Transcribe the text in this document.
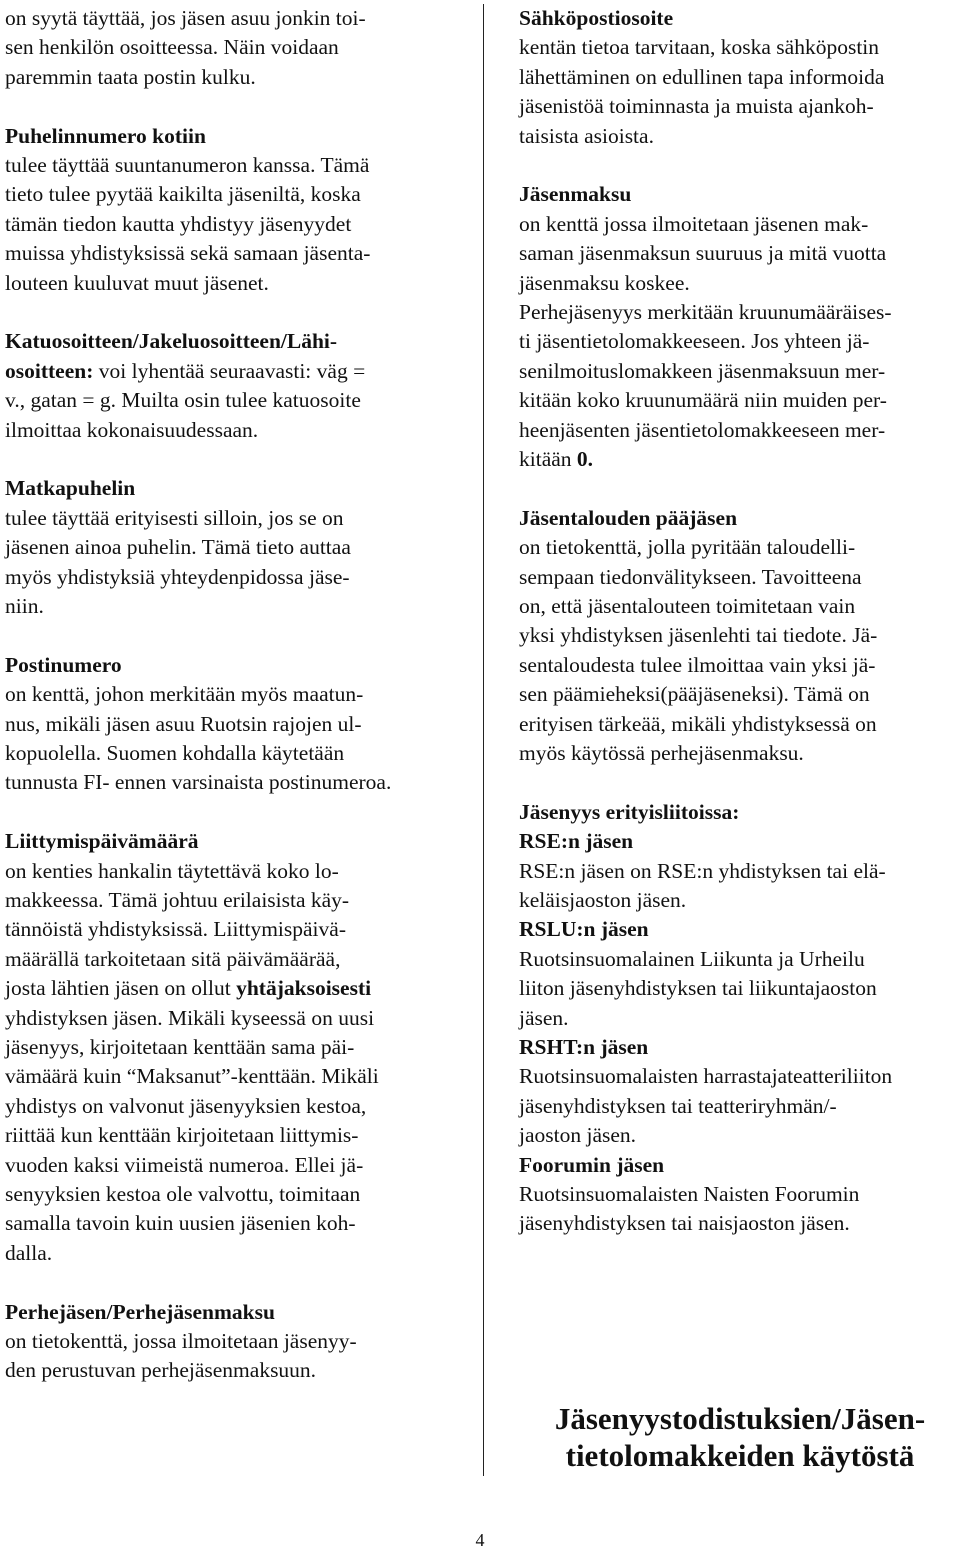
on syytä täyttää, jos jäsen asuu jonkin toi-
sen henkilön osoitteessa. Näin voidaan
paremmin taata postin kulku.
Puhelinnumero kotiin
tulee täyttää suuntanumeron kanssa. Tämä
tieto tulee pyytää kaikilta jäseniltä, koska
tämän tiedon kautta yhdistyy jäsenyydet
muissa yhdistyksissä sekä samaan jäsenta-
louteen kuuluvat muut jäsenet.
Katuosoitteen/Jakeluosoitteen/Lähi-
osoitteen: voi lyhentää seuraavasti: väg =
v., gatan = g. Muilta osin tulee katuosoite
ilmoittaa kokonaisuudessaan.
Matkapuhelin
tulee täyttää erityisesti silloin, jos se on
jäsenen ainoa puhelin. Tämä tieto auttaa
myös yhdistyksiä yhteydenpidossa jäse-
niin.
Postinumero
on kenttä, johon merkitään myös maatun-
nus, mikäli jäsen asuu Ruotsin rajojen ul-
kopuolella. Suomen kohdalla käytetään
tunnusta FI- ennen varsinaista postinumeroa.
Liittymispäivämäärä
on kenties hankalin täytettävä koko lo-
makkeessa. Tämä johtuu erilaisista käy-
tännöistä yhdistyksissä. Liittymispäivä-
määrällä tarkoitetaan sitä päivämäärää,
josta lähtien jäsen on ollut yhtäjaksoisesti
yhdistyksen jäsen. Mikäli kyseessä on uusi
jäsenyys, kirjoitetaan kenttään sama päi-
vämäärä kuin “Maksanut”-kenttään. Mikäli
yhdistys on valvonut jäsenyyksien kestoa,
riittää kun kenttään kirjoitetaan liittymis-
vuoden kaksi viimeistä numeroa. Ellei jä-
senyyksien kestoa ole valvottu, toimitaan
samalla tavoin kuin uusien jäsenien koh-
dalla.
Perhejäsen/Perhejäsenmaksu
on tietokenttä, jossa ilmoitetaan jäsenyy-
den perustuvan perhejäsenmaksuun.
Sähköpostiosoite
kentän tietoa tarvitaan, koska sähköpostin
lähettäminen on edullinen tapa informoida
jäsenistöä toiminnasta ja muista ajankoh-
taisista asioista.
Jäsenmaksu
on kenttä jossa ilmoitetaan jäsenen mak-
saman jäsenmaksun suuruus ja mitä vuotta
jäsenmaksu koskee.
Perhejäsenyys merkitään kruunumääräises-
ti jäsentietolomakkeeseen. Jos yhteen jä-
senilmoituslomakkeen jäsenmaksuun mer-
kitään koko kruunumäärä niin muiden per-
heenjäsenten jäsentietolomakkeeseen mer-
kitään 0.
Jäsentalouden pääjäsen
on tietokenttä, jolla pyritään taloudelli-
sempaan tiedonvälitykseen. Tavoitteena
on, että jäsentalouteen toimitetaan vain
yksi yhdistyksen jäsenlehti tai tiedote. Jä-
sentaloudesta tulee ilmoittaa vain yksi jä-
sen päämieheksi(pääjäseneksi). Tämä on
erityisen tärkeää, mikäli yhdistyksessä on
myös käytössä perhejäsenmaksu.
Jäsenyys erityisliitoissa:
RSE:n jäsen
RSE:n jäsen on RSE:n yhdistyksen tai elä-
keläisjaoston jäsen.
RSLU:n jäsen
Ruotsinsuomalainen Liikunta ja Urheilu
liiton jäsenyhdistyksen tai liikuntajaoston
jäsen.
RSHT:n jäsen
Ruotsinsuomalaisten harrastajateatteriliiton
jäsenyhdistyksen tai teatteriryhmän/-
jaoston jäsen.
Foorumin jäsen
Ruotsinsuomalaisten Naisten Foorumin
jäsenyhdistyksen tai naisjaoston jäsen.
Jäsenyystodistuksien/Jäsen-
tietolomakkeiden käytöstä
4
